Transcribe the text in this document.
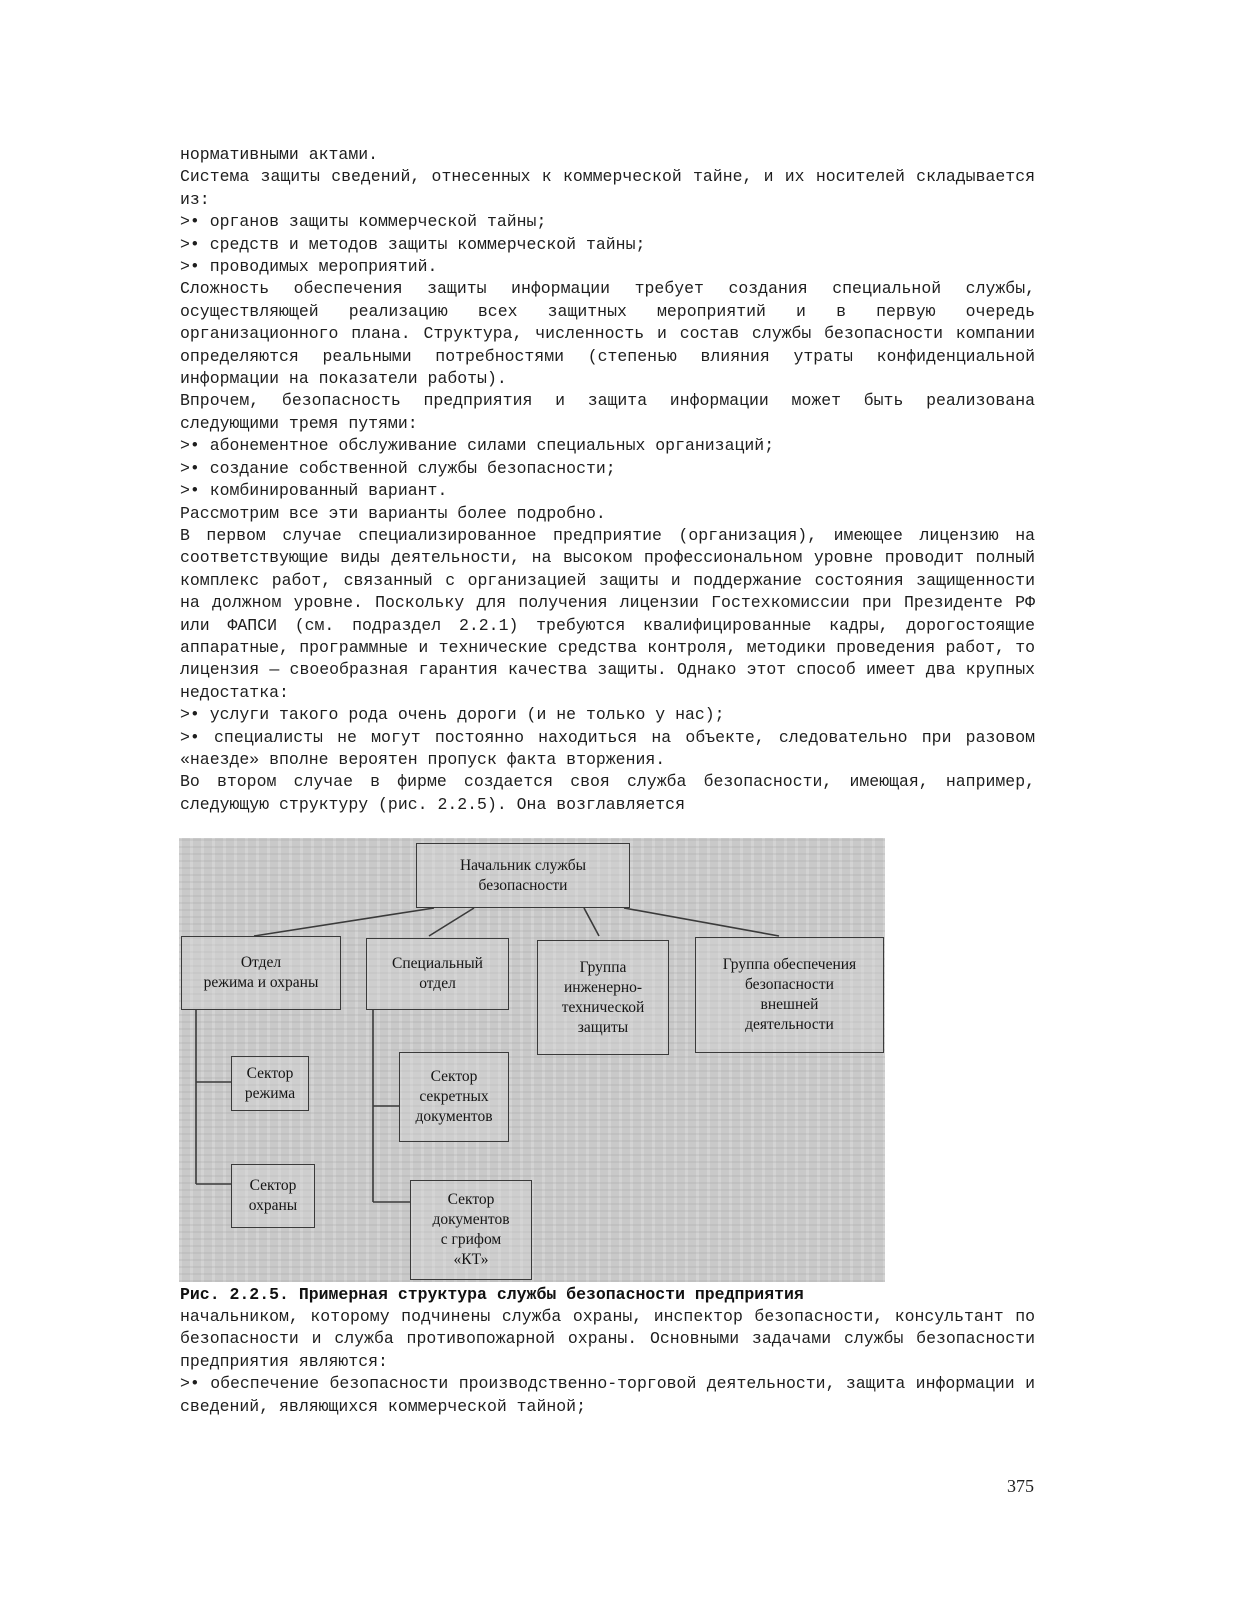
нормативными актами.

Система защиты сведений, отнесенных к коммерческой тайне, и их носителей складывается из:

>• органов защиты коммерческой тайны;

>• средств и методов защиты коммерческой тайны;

>• проводимых мероприятий.

Сложность обеспечения защиты информации требует создания специальной службы, осуществляющей реализацию всех защитных мероприятий и в первую очередь организационного плана. Структура, численность и состав службы безопасности компании определяются реальными потребностями (степенью влияния утраты конфиденциальной информации на показатели работы).

Впрочем, безопасность предприятия и защита информации может быть реализована следующими тремя путями:

>• абонементное обслуживание силами специальных организаций;

>• создание собственной службы безопасности;

>• комбинированный вариант.

Рассмотрим все эти варианты более подробно.

В первом случае специализированное предприятие (организация), имеющее лицензию на соответствующие виды деятельности, на высоком профессиональном уровне проводит полный комплекс работ, связанный с организацией защиты и поддержание состояния защищенности на должном уровне. Поскольку для получения лицензии Гостехкомиссии при Президенте РФ или ФАПСИ (см. подраздел 2.2.1) требуются квалифицированные кадры, дорогостоящие аппаратные, программные и технические средства контроля, методики проведения работ, то лицензия — своеобразная гарантия качества защиты. Однако этот способ имеет два крупных недостатка:

>• услуги такого рода очень дороги (и не только у нас);

>• специалисты не могут постоянно находиться на объекте, следовательно при разовом «наезде» вполне вероятен пропуск факта вторжения.

Во втором случае в фирме создается своя служба безопасности, имеющая, например, следующую структуру (рис. 2.2.5). Она возглавляется

Начальник службы
безопасности
Отдел
режима и охраны
Специальный
отдел
Группа
инженерно-
технической
защиты
Группа обеспечения
безопасности
внешней
деятельности
Сектор
режима
Сектор
охраны
Сектор
секретных
документов
Сектор
документов
с грифом
«КТ»
Рис. 2.2.5. Примерная структура службы безопасности предприятия

начальником, которому подчинены служба охраны, инспектор безопасности, консультант по безопасности и служба противопожарной охраны. Основными задачами службы безопасности предприятия являются:

>• обеспечение безопасности производственно-торговой деятельности, защита информации и сведений, являющихся коммерческой тайной;

375
